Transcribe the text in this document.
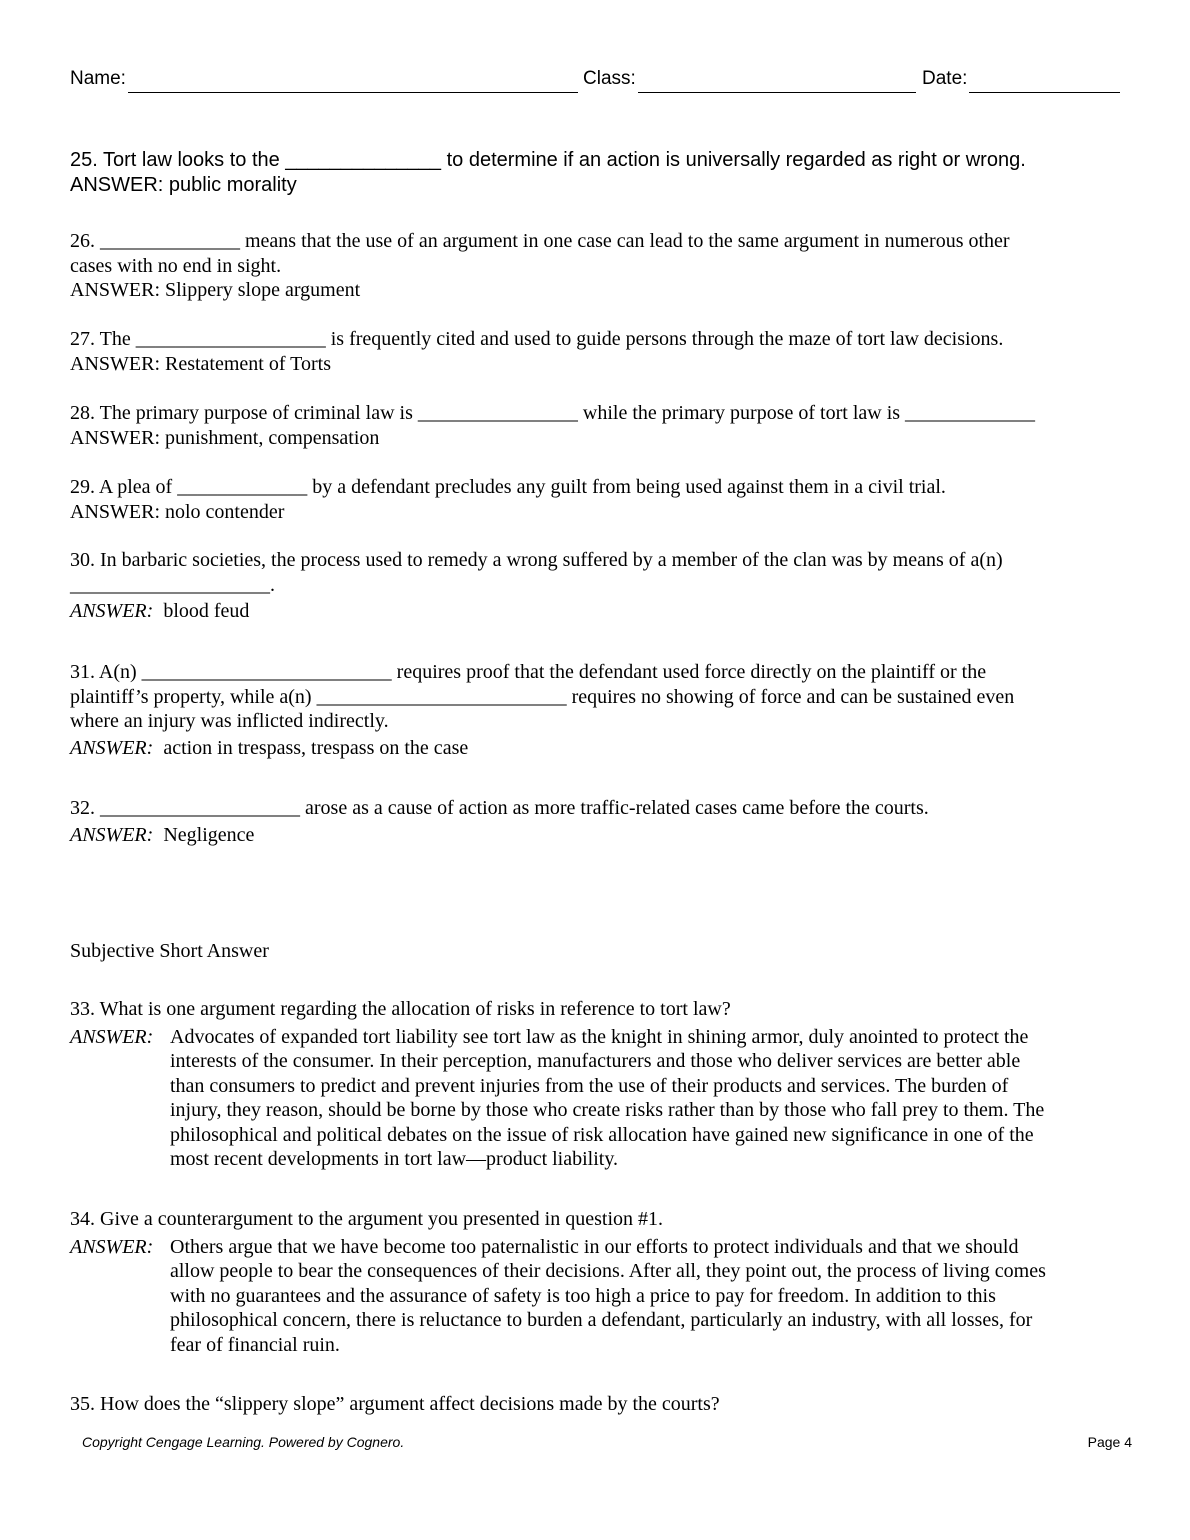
Name:	Class:	Date:
25. Tort law looks to the ______________ to determine if an action is universally regarded as right or wrong.
ANSWER: public morality
26. ______________ means that the use of an argument in one case can lead to the same argument in numerous other
cases with no end in sight.
ANSWER: Slippery slope argument
27. The ___________________ is frequently cited and used to guide persons through the maze of tort law decisions.
ANSWER: Restatement of Torts
28. The primary purpose of criminal law is ________________ while the primary purpose of tort law is _____________
ANSWER: punishment, compensation
29. A plea of _____________ by a defendant precludes any guilt from being used against them in a civil trial.
ANSWER: nolo contender
30. In barbaric societies, the process used to remedy a wrong suffered by a member of the clan was by means of a(n)
____________________.
ANSWER: blood feud
31. A(n) _________________________ requires proof that the defendant used force directly on the plaintiff or the
plaintiff’s property, while a(n) _________________________ requires no showing of force and can be sustained even
where an injury was inflicted indirectly.
ANSWER: action in trespass, trespass on the case
32. ____________________ arose as a cause of action as more traffic-related cases came before the courts.
ANSWER: Negligence
Subjective Short Answer
33. What is one argument regarding the allocation of risks in reference to tort law?
ANSWER: Advocates of expanded tort liability see tort law as the knight in shining armor, duly anointed to protect the
interests of the consumer. In their perception, manufacturers and those who deliver services are better able
than consumers to predict and prevent injuries from the use of their products and services. The burden of
injury, they reason, should be borne by those who create risks rather than by those who fall prey to them. The
philosophical and political debates on the issue of risk allocation have gained new significance in one of the
most recent developments in tort law—product liability.
34. Give a counterargument to the argument you presented in question #1.
ANSWER: Others argue that we have become too paternalistic in our efforts to protect individuals and that we should
allow people to bear the consequences of their decisions. After all, they point out, the process of living comes
with no guarantees and the assurance of safety is too high a price to pay for freedom. In addition to this
philosophical concern, there is reluctance to burden a defendant, particularly an industry, with all losses, for
fear of financial ruin.
35. How does the “slippery slope” argument affect decisions made by the courts?
Copyright Cengage Learning. Powered by Cognero.	Page 4
